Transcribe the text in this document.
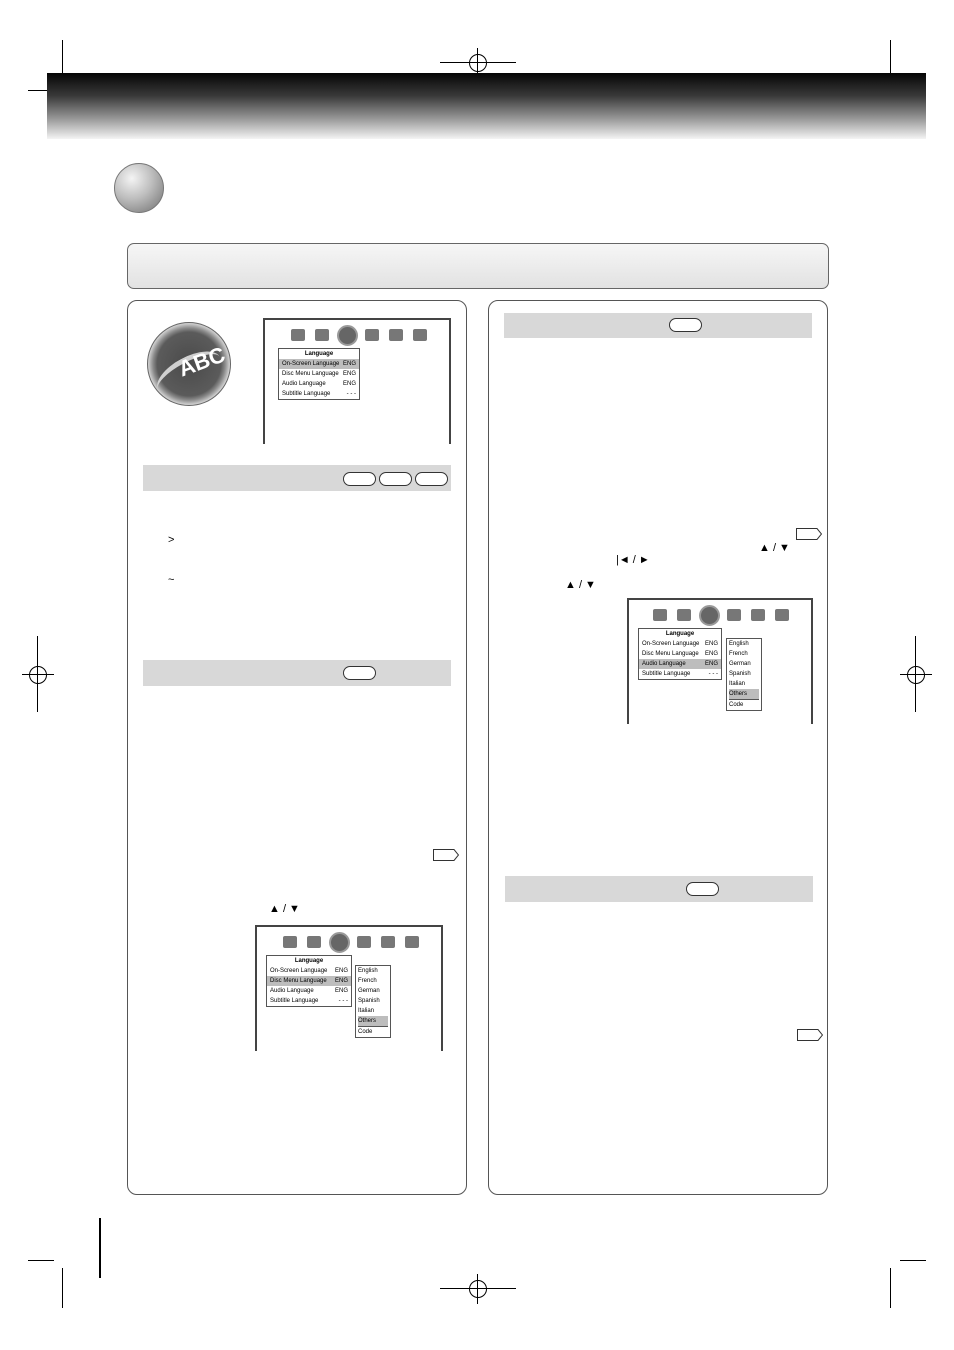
ABC	Language
On-Screen Language ENG
Disc Menu Language ENG
Audio Language	ENG
Subtitle Language	- - -
>
~
▲ / ▼
Language
On-Screen Language ENG
Disc Menu Language ENG
Audio Language	ENG
Subtitle Language	- - -
English
French
German
Spanish
Italian
Others
Code
▲ / ▼
|◄ / ►
▲ / ▼
Language
On-Screen Language ENG
Disc Menu Language ENG
Audio Language	ENG
Subtitle Language	- - -
English
French
German
Spanish
Italian
Others
Code
